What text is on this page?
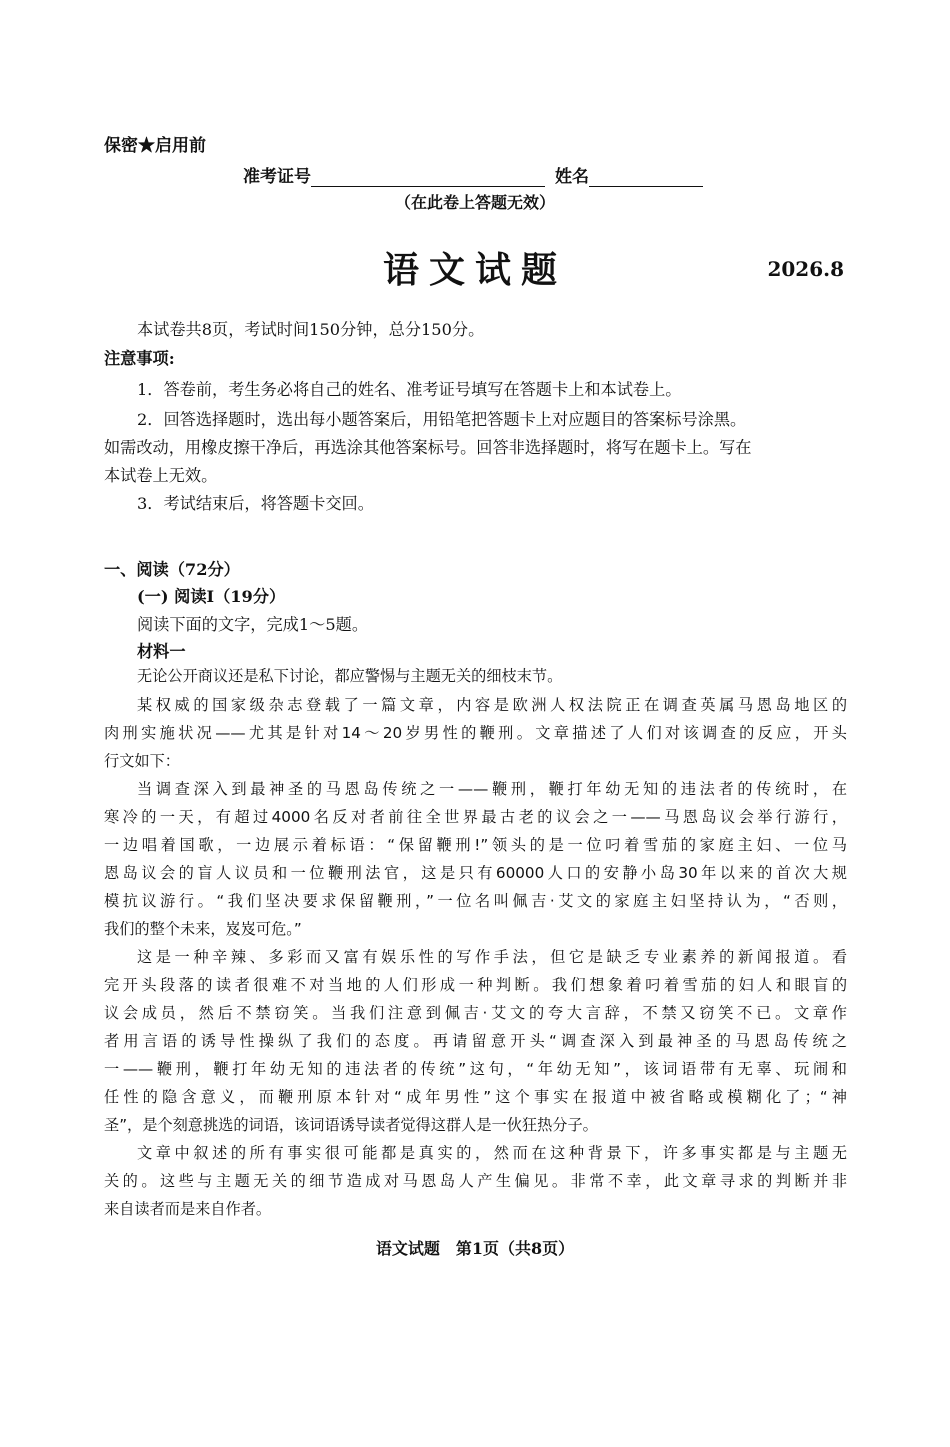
保密★启用前
准考证号	姓名
（在此卷上答题无效）
语文试题	2026.8
本试卷共8页，考试时间150分钟，总分150分。
注意事项:
1．答卷前，考生务必将自己的姓名、准考证号填写在答题卡上和本试卷上。
2．回答选择题时，选出每小题答案后，用铅笔把答题卡上对应题目的答案标号涂黑。
如需改动，用橡皮擦干净后，再选涂其他答案标号。回答非选择题时，将写在题卡上。写在
本试卷上无效。
3．考试结束后，将答题卡交回。
一、阅读（72分）
(一) 阅读Ⅰ（19分）
阅读下面的文字，完成1～5题。
材料一
无论公开商议还是私下讨论，都应警惕与主题无关的细枝末节。
某权威的国家级杂志登载了一篇文章，内容是欧洲人权法院正在调查英属马恩岛地区的
肉刑实施状况——尤其是针对14～20岁男性的鞭刑。文章描述了人们对该调查的反应，开头
行文如下：
当调查深入到最神圣的马恩岛传统之一——鞭刑，鞭打年幼无知的违法者的传统时，在
寒冷的一天，有超过4000名反对者前往全世界最古老的议会之一——马恩岛议会举行游行，
一边唱着国歌，一边展示着标语：“保留鞭刑!”领头的是一位叼着雪茄的家庭主妇、一位马
恩岛议会的盲人议员和一位鞭刑法官，这是只有60000人口的安静小岛30年以来的首次大规
模抗议游行。“我们坚决要求保留鞭刑，”一位名叫佩吉·艾文的家庭主妇坚持认为，“否则，
我们的整个未来，岌岌可危。”
这是一种辛辣、多彩而又富有娱乐性的写作手法，但它是缺乏专业素养的新闻报道。看
完开头段落的读者很难不对当地的人们形成一种判断。我们想象着叼着雪茄的妇人和眼盲的
议会成员，然后不禁窃笑。当我们注意到佩吉·艾文的夸大言辞，不禁又窃笑不已。文章作
者用言语的诱导性操纵了我们的态度。再请留意开头“调查深入到最神圣的马恩岛传统之
一——鞭刑，鞭打年幼无知的违法者的传统”这句，“年幼无知”，该词语带有无辜、玩闹和
任性的隐含意义，而鞭刑原本针对“成年男性”这个事实在报道中被省略或模糊化了；“神
圣”，是个刻意挑选的词语，该词语诱导读者觉得这群人是一伙狂热分子。
文章中叙述的所有事实很可能都是真实的，然而在这种背景下，许多事实都是与主题无
关的。这些与主题无关的细节造成对马恩岛人产生偏见。非常不幸，此文章寻求的判断并非
来自读者而是来自作者。
语文试题　第1页（共8页）
